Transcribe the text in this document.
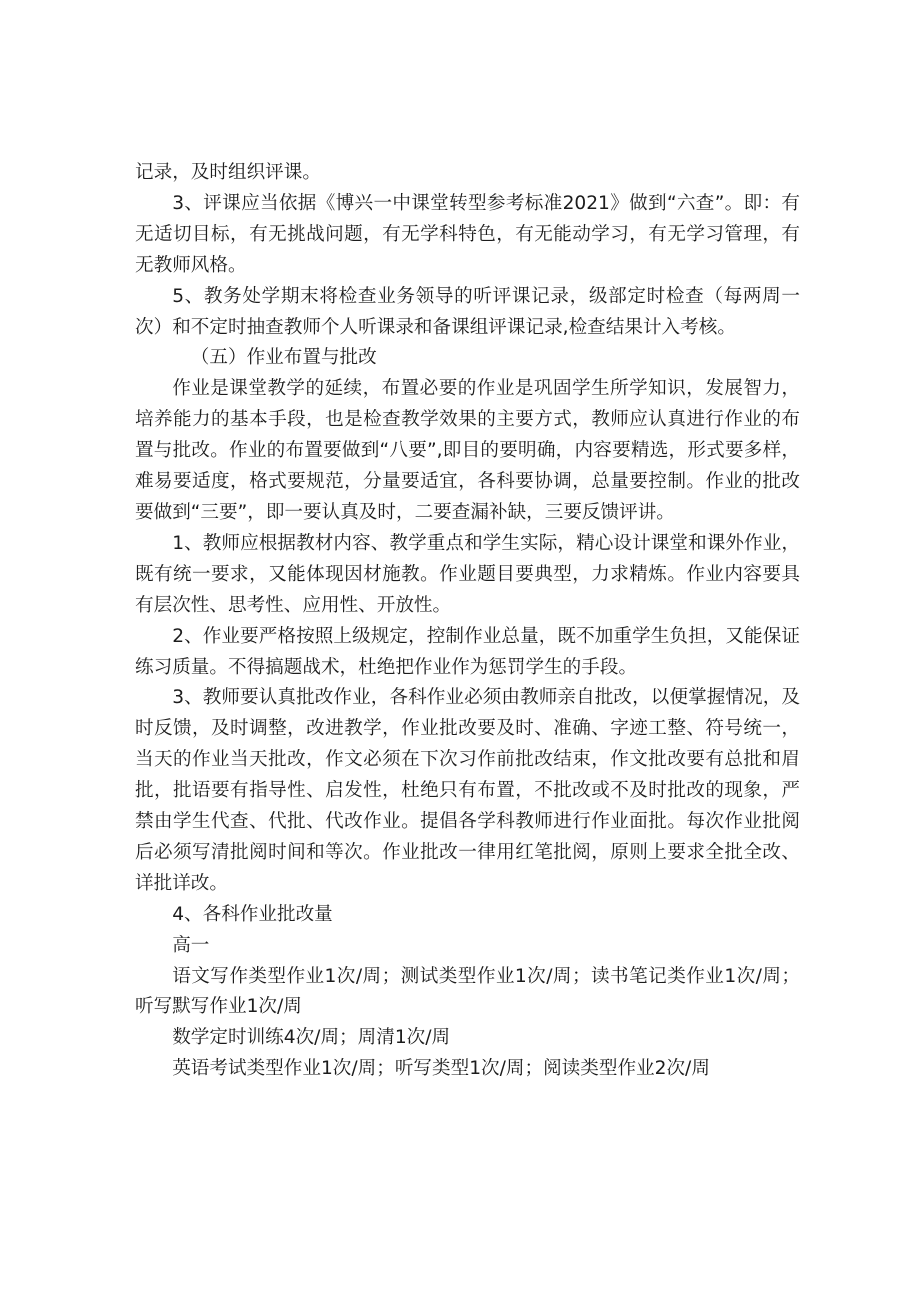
记录，及时组织评课。

3、评课应当依据《博兴一中课堂转型参考标准2021》做到“六查”。即：有无适切目标，有无挑战问题，有无学科特色，有无能动学习，有无学习管理，有无教师风格。

5、教务处学期末将检查业务领导的听评课记录，级部定时检查（每两周一次）和不定时抽查教师个人听课录和备课组评课记录,检查结果计入考核。

（五）作业布置与批改

作业是课堂教学的延续，布置必要的作业是巩固学生所学知识，发展智力，培养能力的基本手段，也是检查教学效果的主要方式，教师应认真进行作业的布置与批改。作业的布置要做到“八要”,即目的要明确，内容要精选，形式要多样，难易要适度，格式要规范，分量要适宜，各科要协调，总量要控制。作业的批改要做到“三要”，即一要认真及时，二要查漏补缺，三要反馈评讲。

1、教师应根据教材内容、教学重点和学生实际，精心设计课堂和课外作业，既有统一要求，又能体现因材施教。作业题目要典型，力求精炼。作业内容要具有层次性、思考性、应用性、开放性。

2、作业要严格按照上级规定，控制作业总量，既不加重学生负担，又能保证练习质量。不得搞题战术，杜绝把作业作为惩罚学生的手段。

3、教师要认真批改作业，各科作业必须由教师亲自批改，以便掌握情况，及时反馈，及时调整，改进教学，作业批改要及时、准确、字迹工整、符号统一，当天的作业当天批改，作文必须在下次习作前批改结束，作文批改要有总批和眉批，批语要有指导性、启发性，杜绝只有布置，不批改或不及时批改的现象，严禁由学生代查、代批、代改作业。提倡各学科教师进行作业面批。每次作业批阅后必须写清批阅时间和等次。作业批改一律用红笔批阅，原则上要求全批全改、详批详改。

4、各科作业批改量

高一

语文写作类型作业1次/周；测试类型作业1次/周；读书笔记类作业1次/周；听写默写作业1次/周

数学定时训练4次/周；周清1次/周

英语考试类型作业1次/周；听写类型1次/周；阅读类型作业2次/周
